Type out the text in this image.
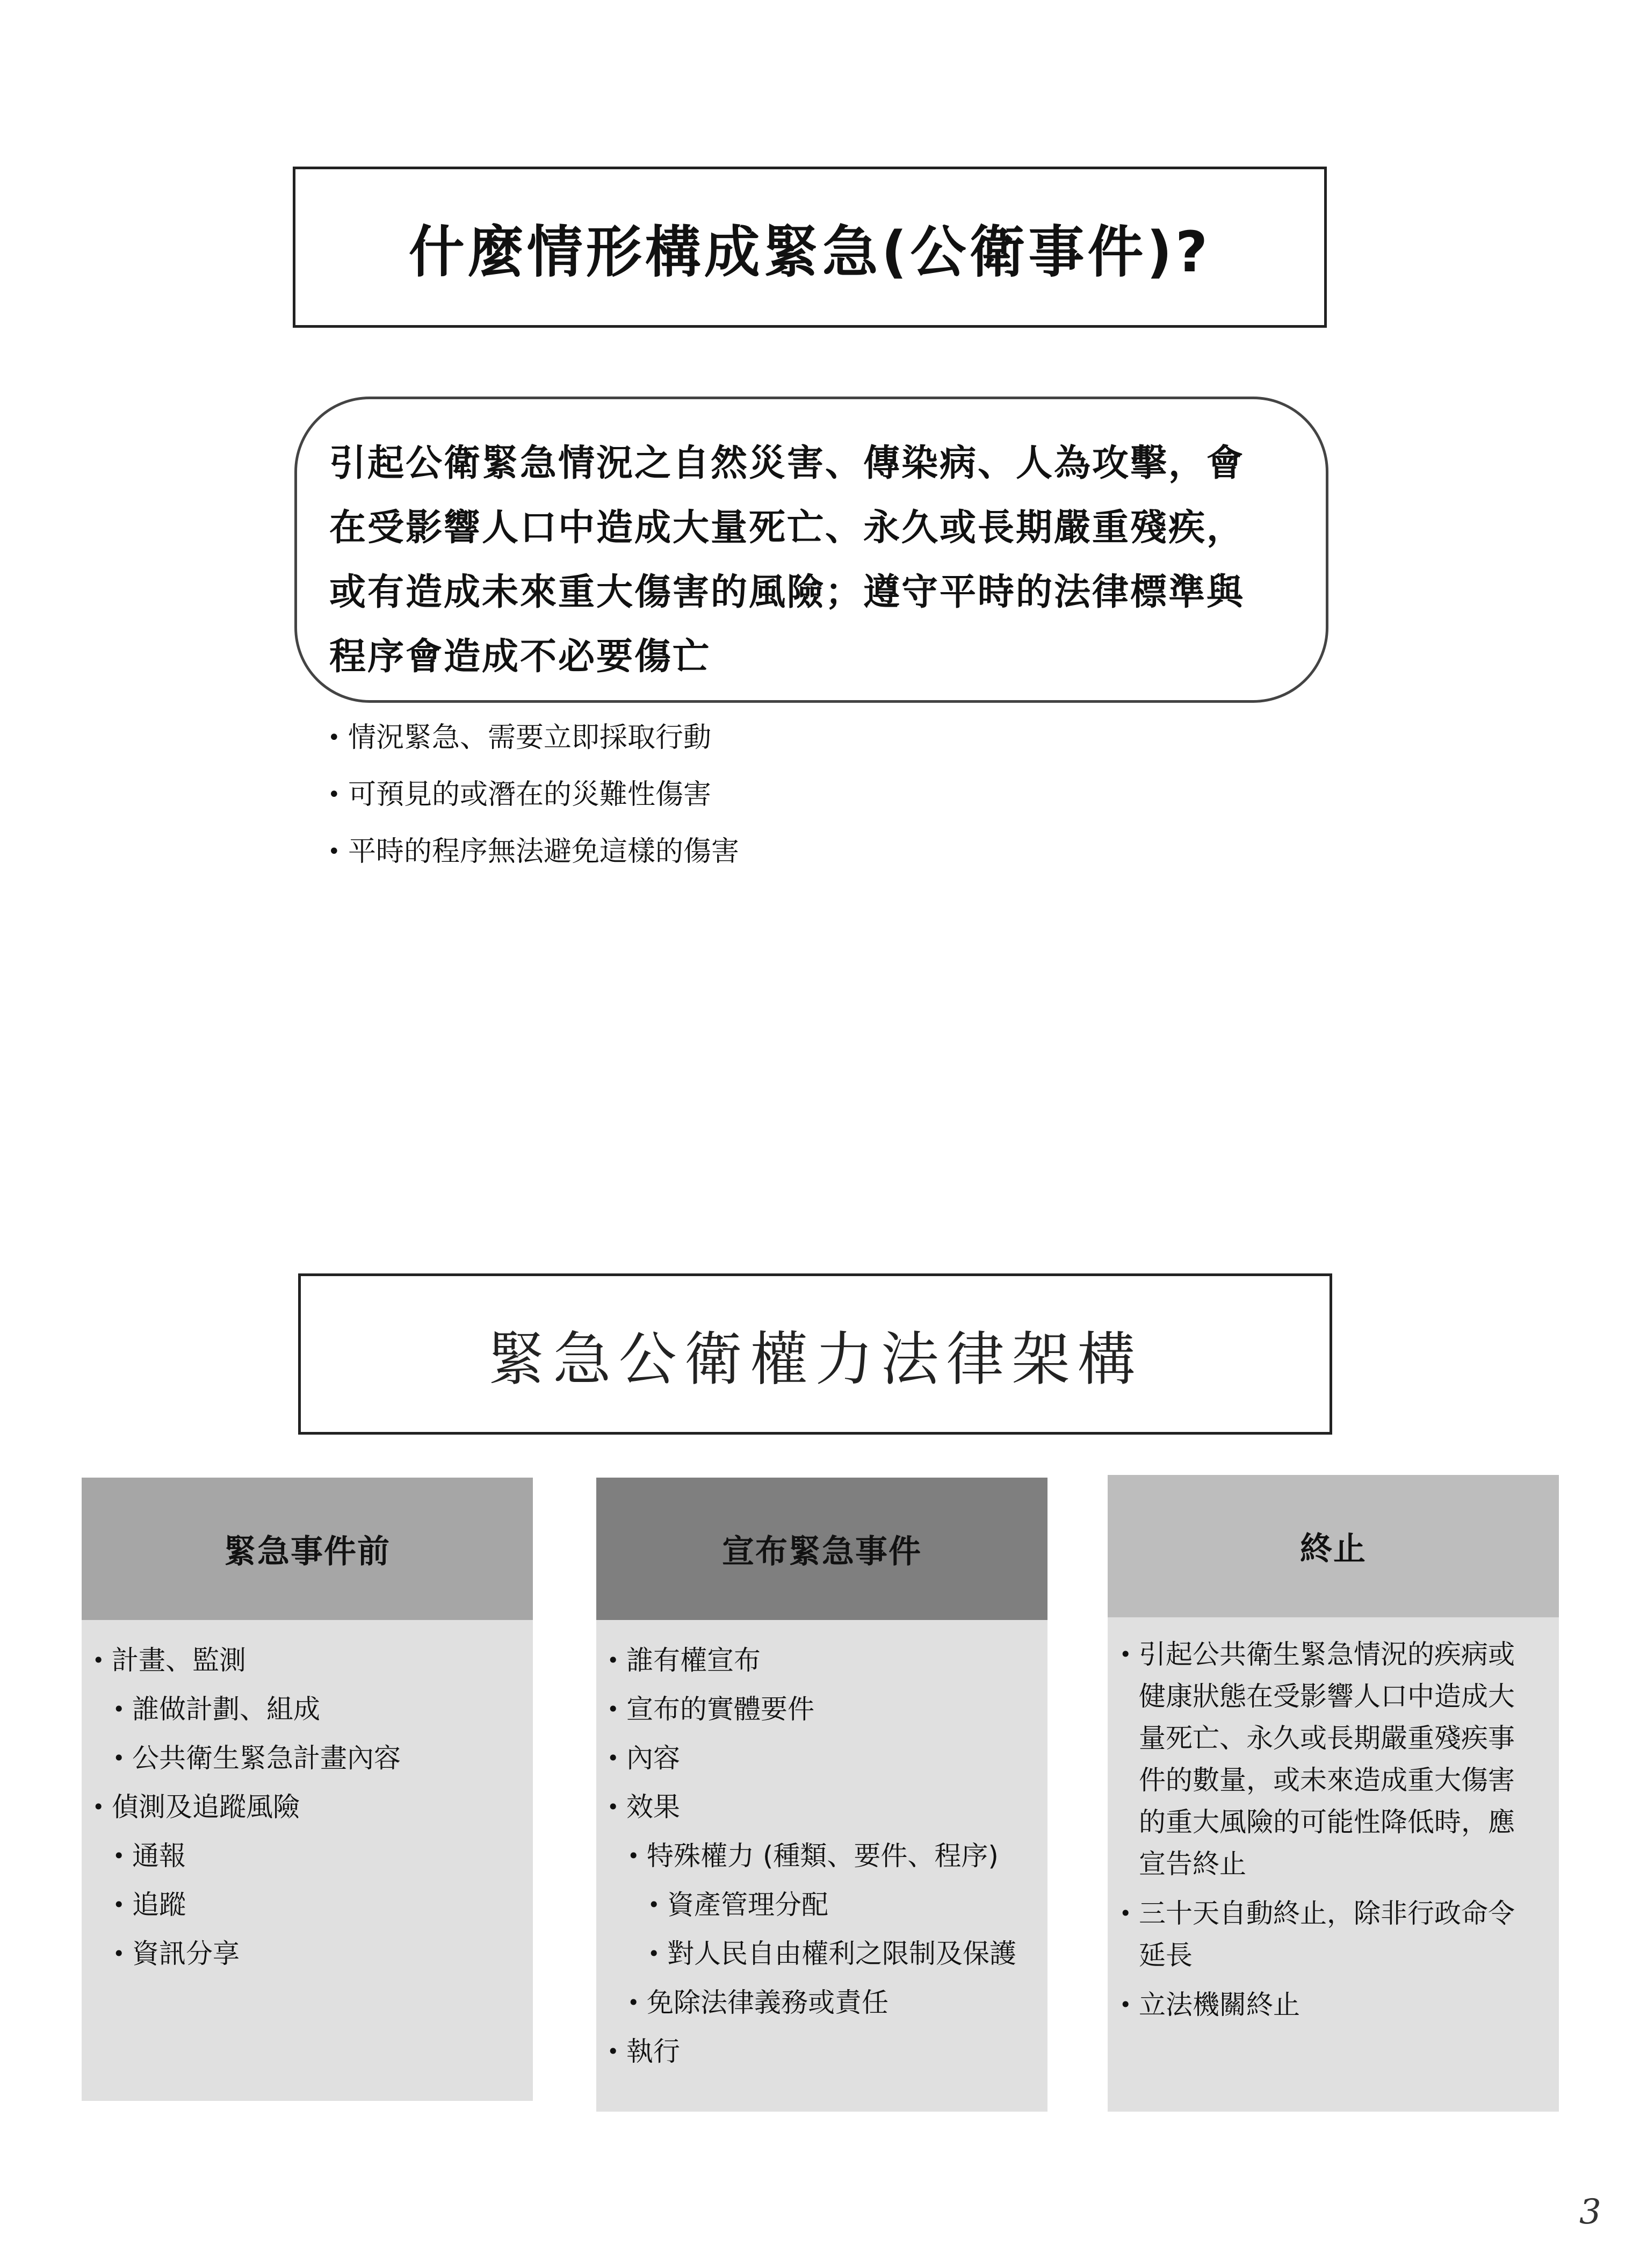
什麼情形構成緊急(公衛事件)?
引起公衛緊急情況之自然災害、傳染病、人為攻擊，會
在受影響人口中造成大量死亡、永久或長期嚴重殘疾，
或有造成未來重大傷害的風險；遵守平時的法律標準與
程序會造成不必要傷亡
• 情況緊急、需要立即採取行動
• 可預見的或潛在的災難性傷害
• 平時的程序無法避免這樣的傷害
緊急公衛權力法律架構
緊急事件前
• 計畫、監測
• 誰做計劃、組成
• 公共衛生緊急計畫內容
• 偵測及追蹤風險
• 通報
• 追蹤
• 資訊分享
宣布緊急事件
• 誰有權宣布
• 宣布的實體要件
• 內容
• 效果
• 特殊權力 (種類、要件、程序)
• 資產管理分配
• 對人民自由權利之限制及保護
• 免除法律義務或責任
• 執行
終止
• 引起公共衛生緊急情況的疾病或健康狀態在受影響人口中造成大量死亡、永久或長期嚴重殘疾事件的數量，或未來造成重大傷害的重大風險的可能性降低時，應宣告終止
• 三十天自動終止，除非行政命令延長
• 立法機關終止
3
